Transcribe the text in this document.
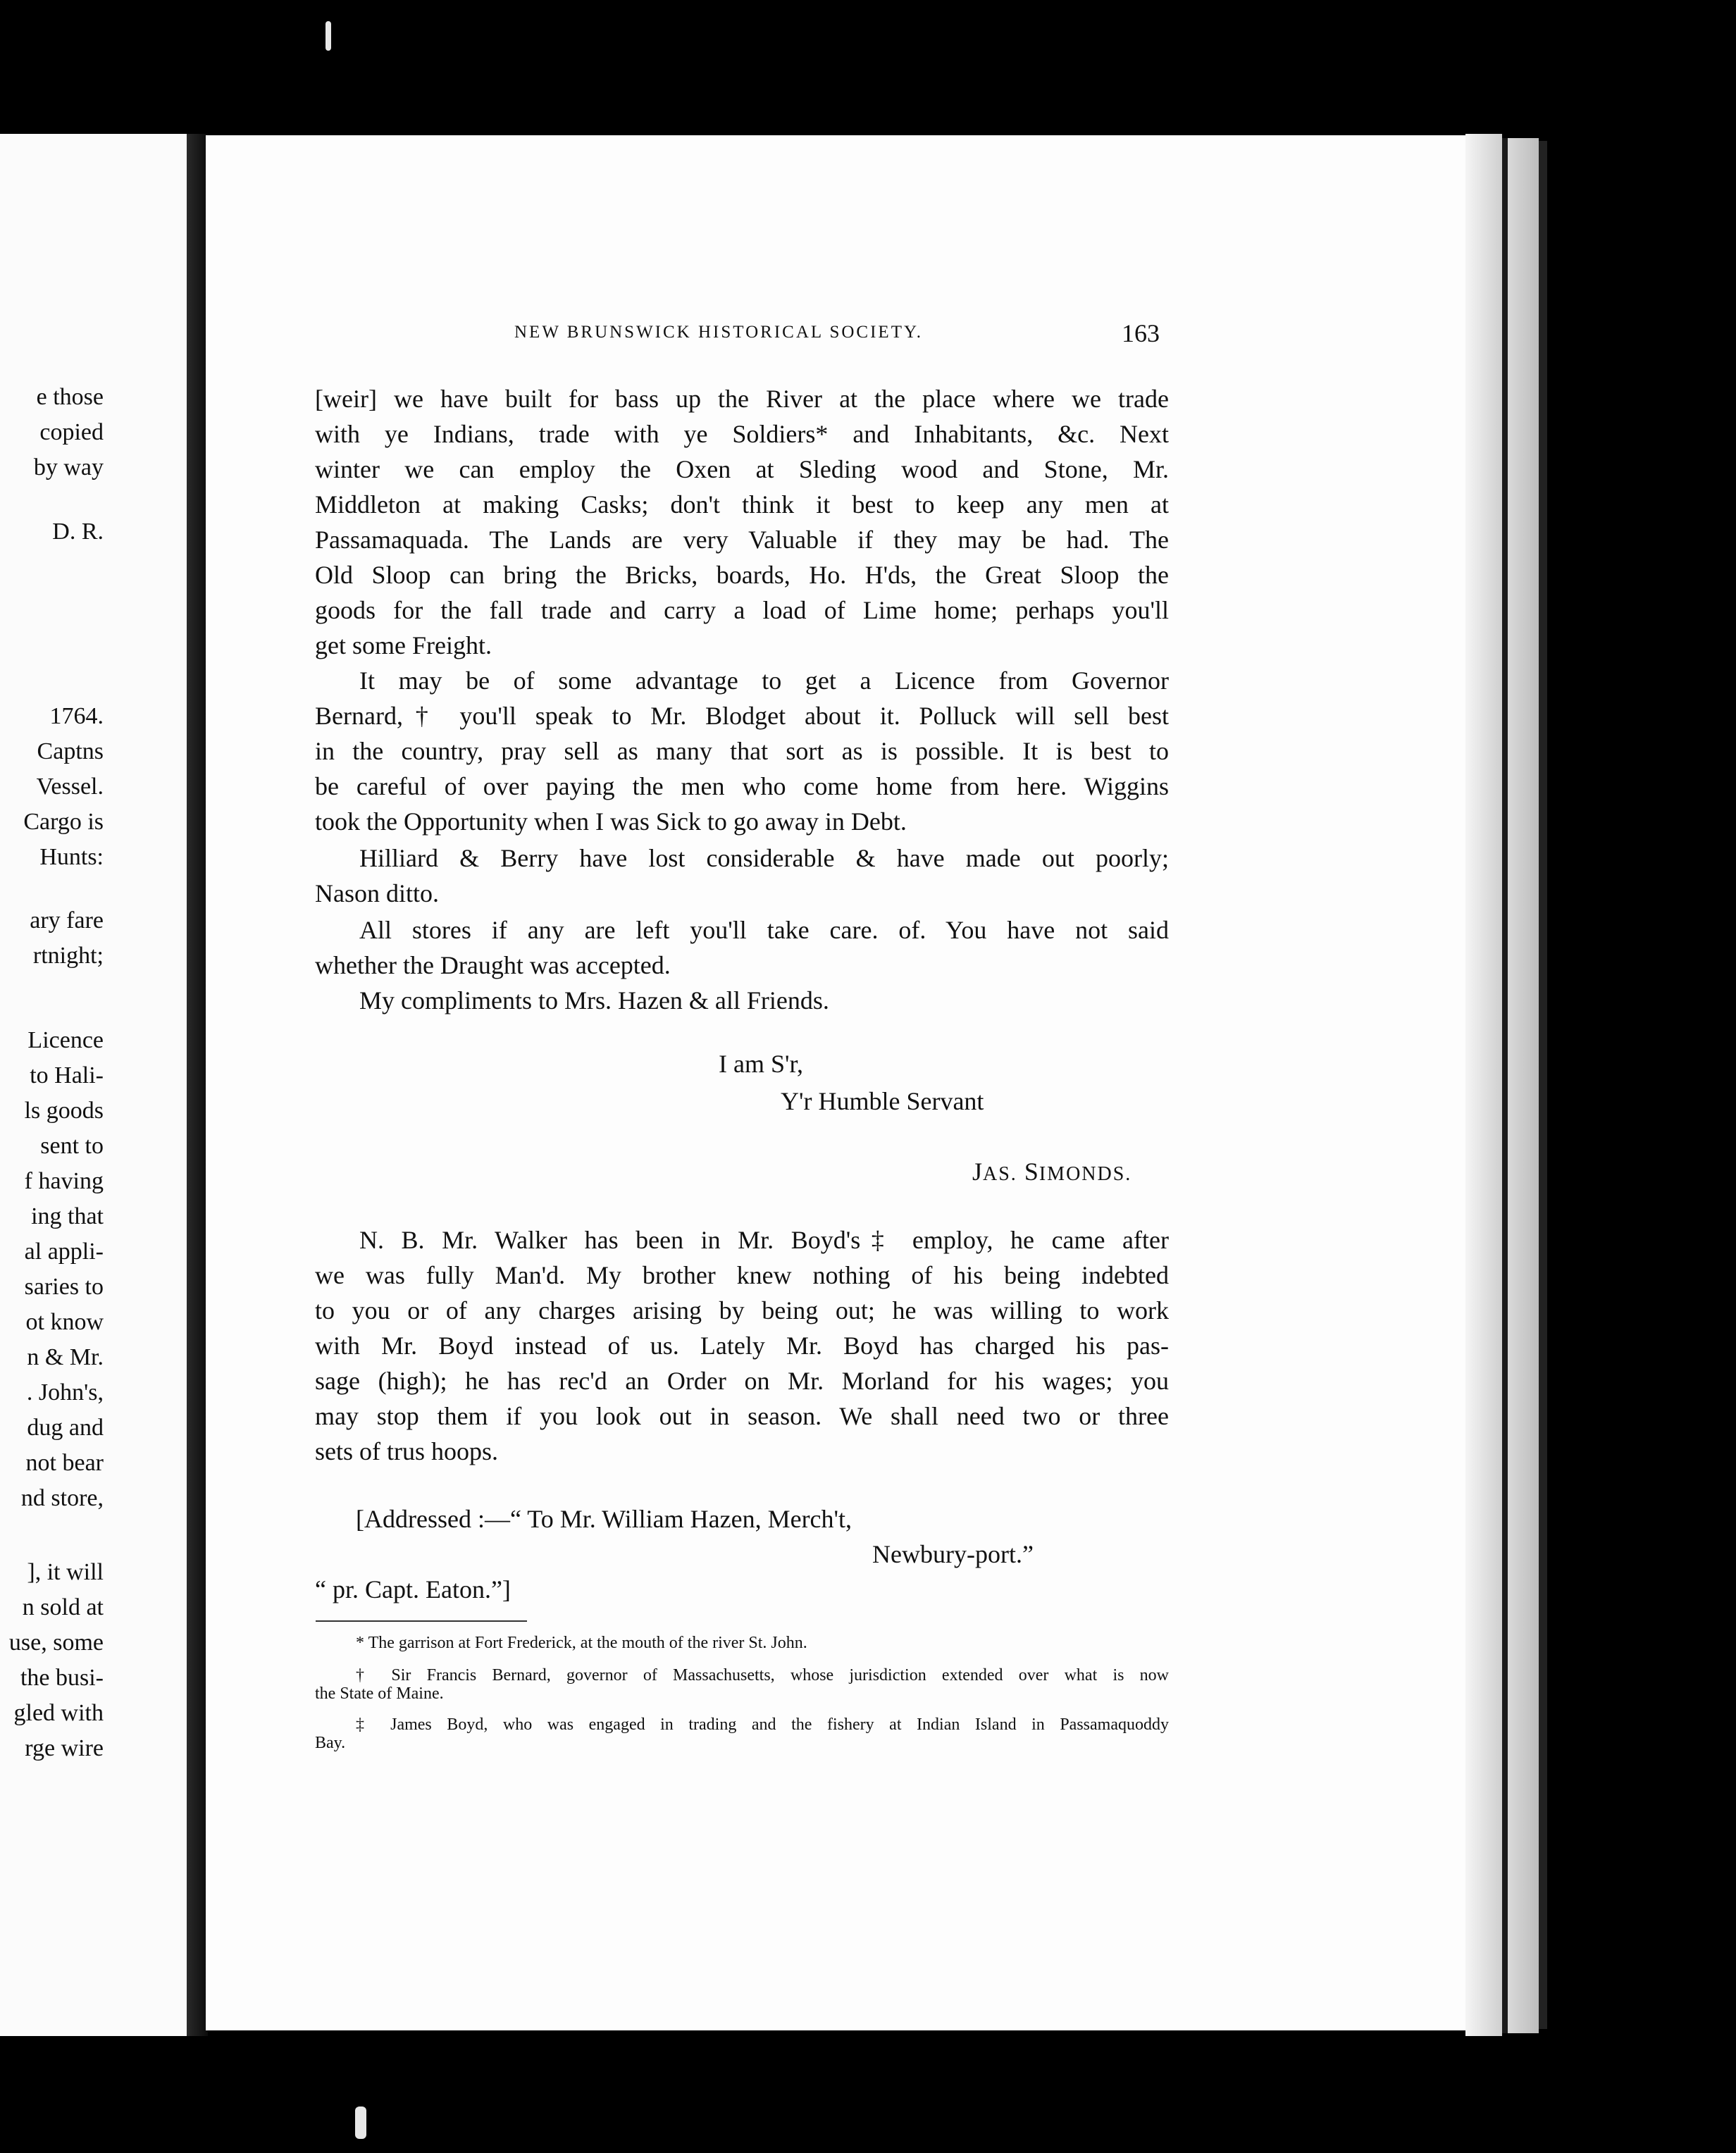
e those
copied
by way
D. R.
1764.
Captns
Vessel.
Cargo is
Hunts:
ary fare
rtnight;
Licence
to Hali-
ls goods
sent to
f having
ing that
al appli-
saries to
ot know
n & Mr.
. John's,
dug and
not bear
nd store,
], it will
n sold at
use, some
the busi-
gled with
rge wire
NEW BRUNSWICK HISTORICAL SOCIETY.	163
[weir] we have built for bass up the River at the place where we trade
with ye Indians, trade with ye Soldiers* and Inhabitants, &c. Next
winter we can employ the Oxen at Sleding wood and Stone, Mr.
Middleton at making Casks; don't think it best to keep any men at
Passamaquada. The Lands are very Valuable if they may be had. The
Old Sloop can bring the Bricks, boards, Ho. H'ds, the Great Sloop the
goods for the fall trade and carry a load of Lime home; perhaps you'll
get some Freight.
It may be of some advantage to get a Licence from Governor
Bernard,† you'll speak to Mr. Blodget about it. Polluck will sell best
in the country, pray sell as many that sort as is possible. It is best to
be careful of over paying the men who come home from here. Wiggins
took the Opportunity when I was Sick to go away in Debt.
Hilliard & Berry have lost considerable & have made out poorly;
Nason ditto.
All stores if any are left you'll take care. of. You have not said
whether the Draught was accepted.
My compliments to Mrs. Hazen & all Friends.
I am S'r,
Y'r Humble Servant
JAS. SIMONDS.
N. B. Mr. Walker has been in Mr. Boyd's‡ employ, he came after
we was fully Man'd. My brother knew nothing of his being indebted
to you or of any charges arising by being out; he was willing to work
with Mr. Boyd instead of us. Lately Mr. Boyd has charged his pas-
sage (high); he has rec'd an Order on Mr. Morland for his wages; you
may stop them if you look out in season. We shall need two or three
sets of trus hoops.
[Addressed :—“ To Mr. William Hazen, Merch't,
Newbury-port.”
“ pr. Capt. Eaton.”]
* The garrison at Fort Frederick, at the mouth of the river St. John.
† Sir Francis Bernard, governor of Massachusetts, whose jurisdiction extended over what is now
the State of Maine.
‡ James Boyd, who was engaged in trading and the fishery at Indian Island in Passamaquoddy
Bay.
